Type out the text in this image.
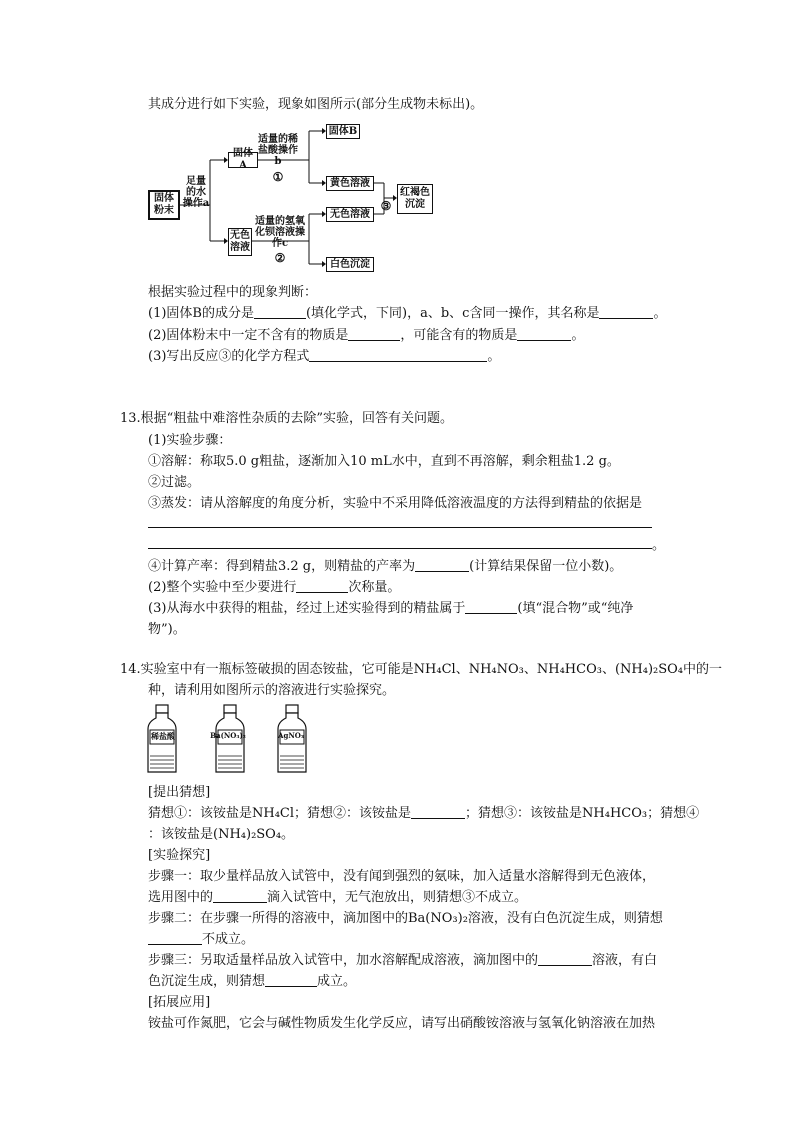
其成分进行如下实验，现象如图所示(部分生成物未标出)。
固体粉末
足量的水操作a
固体A
适量的稀盐酸操作b
①
固体B
黄色溶液
③
红褐色沉淀
无色溶液
适量的氢氧化钡溶液操作c
②
无色溶液
白色沉淀
根据实验过程中的现象判断：
(1)固体B的成分是	(填化学式，下同)，a、b、c含同一操作，其名称是	。
(2)固体粉末中一定不含有的物质是	，可能含有的物质是	。
(3)写出反应③的化学方程式	。
13.根据“粗盐中难溶性杂质的去除”实验，回答有关问题。
(1)实验步骤：
①溶解：称取5.0 g粗盐，逐渐加入10 mL水中，直到不再溶解，剩余粗盐1.2 g。
②过滤。
③蒸发：请从溶解度的角度分析，实验中不采用降低溶液温度的方法得到精盐的依据是
。
④计算产率：得到精盐3.2 g，则精盐的产率为	(计算结果保留一位小数)。
(2)整个实验中至少要进行	次称量。
(3)从海水中获得的粗盐，经过上述实验得到的精盐属于	(填“混合物”或“纯净
物”)。
14.实验室中有一瓶标签破损的固态铵盐，它可能是NH₄Cl、NH₄NO₃、NH₄HCO₃、(NH₄)₂SO₄中的一
种，请利用如图所示的溶液进行实验探究。
稀盐酸	Ba(NO₃)₂	AgNO₃
[提出猜想]
猜想①：该铵盐是NH₄Cl；猜想②：该铵盐是	；猜想③：该铵盐是NH₄HCO₃；猜想④
：该铵盐是(NH₄)₂SO₄。
[实验探究]
步骤一：取少量样品放入试管中，没有闻到强烈的氨味，加入适量水溶解得到无色液体，
选用图中的	滴入试管中，无气泡放出，则猜想③不成立。
步骤二：在步骤一所得的溶液中，滴加图中的Ba(NO₃)₂溶液，没有白色沉淀生成，则猜想
不成立。
步骤三：另取适量样品放入试管中，加水溶解配成溶液，滴加图中的	溶液，有白
色沉淀生成，则猜想	成立。
[拓展应用]
铵盐可作氮肥，它会与碱性物质发生化学反应，请写出硝酸铵溶液与氢氧化钠溶液在加热
